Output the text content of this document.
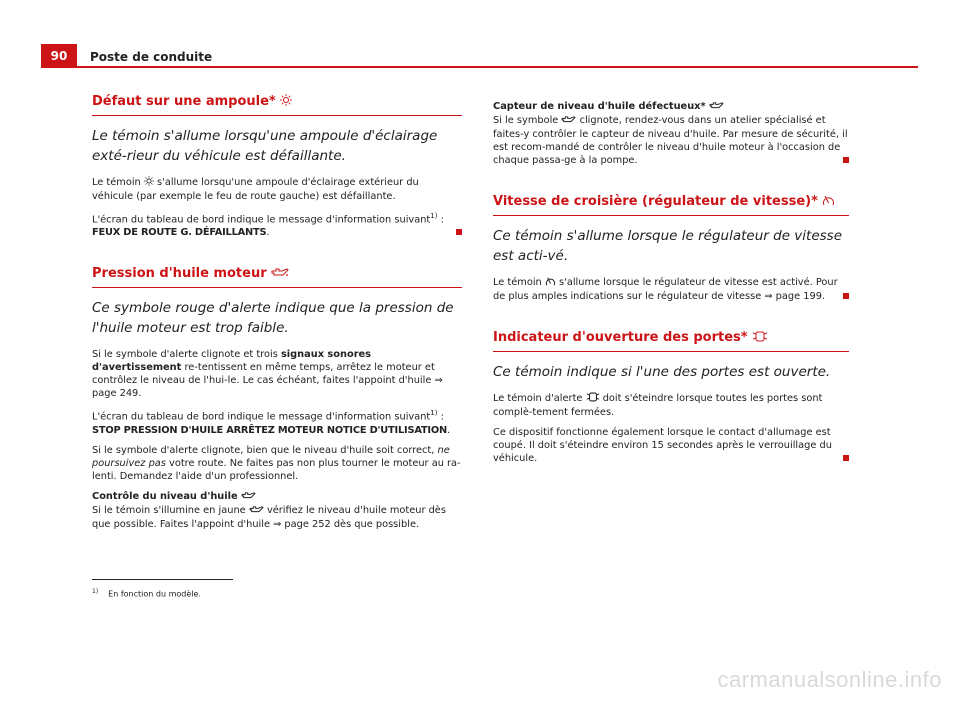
90	Poste de conduite
Défaut sur une ampoule*
Le témoin s'allume lorsqu'une ampoule d'éclairage exté-rieur du véhicule est défaillante.

Le témoin s'allume lorsqu'une ampoule d'éclairage extérieur du véhicule (par exemple le feu de route gauche) est défaillante.

L'écran du tableau de bord indique le message d'information suivant$^{1)}$ :
FEUX DE ROUTE G. DÉFAILLANTS.

Pression d'huile moteur
Ce symbole rouge d'alerte indique que la pression de l'huile moteur est trop faible.

Si le symbole d'alerte clignote et trois signaux sonores d'avertissement re-tentissent en même temps, arrêtez le moteur et contrôlez le niveau de l'hui-le. Le cas échéant, faites l'appoint d'huile ⇒ page 249.

L'écran du tableau de bord indique le message d'information suivant$^{1)}$ :
STOP PRESSION D'HUILE ARRÊTEZ MOTEUR NOTICE D'UTILISATION.

Si le symbole d'alerte clignote, bien que le niveau d'huile soit correct, ne poursuivez pas votre route. Ne faites pas non plus tourner le moteur au ra-lenti. Demandez l'aide d'un professionnel.

Contrôle du niveau d'huile

Si le témoin s'illumine en jaune vérifiez le niveau d'huile moteur dès que possible. Faites l'appoint d'huile ⇒ page 252 dès que possible.

Capteur de niveau d'huile défectueux*

Si le symbole clignote, rendez-vous dans un atelier spécialisé et faites-y contrôler le capteur de niveau d'huile. Par mesure de sécurité, il est recom-mandé de contrôler le niveau d'huile moteur à l'occasion de chaque passa-ge à la pompe.

Vitesse de croisière (régulateur de vitesse)*
Ce témoin s'allume lorsque le régulateur de vitesse est acti-vé.

Le témoin s'allume lorsque le régulateur de vitesse est activé. Pour de plus amples indications sur le régulateur de vitesse ⇒ page 199.

Indicateur d'ouverture des portes*
Ce témoin indique si l'une des portes est ouverte.

Le témoin d'alerte doit s'éteindre lorsque toutes les portes sont complè-tement fermées.

Ce dispositif fonctionne également lorsque le contact d'allumage est coupé. Il doit s'éteindre environ 15 secondes après le verrouillage du véhicule.

$^{1)}$ En fonction du modèle.
carmanualsonline.info
